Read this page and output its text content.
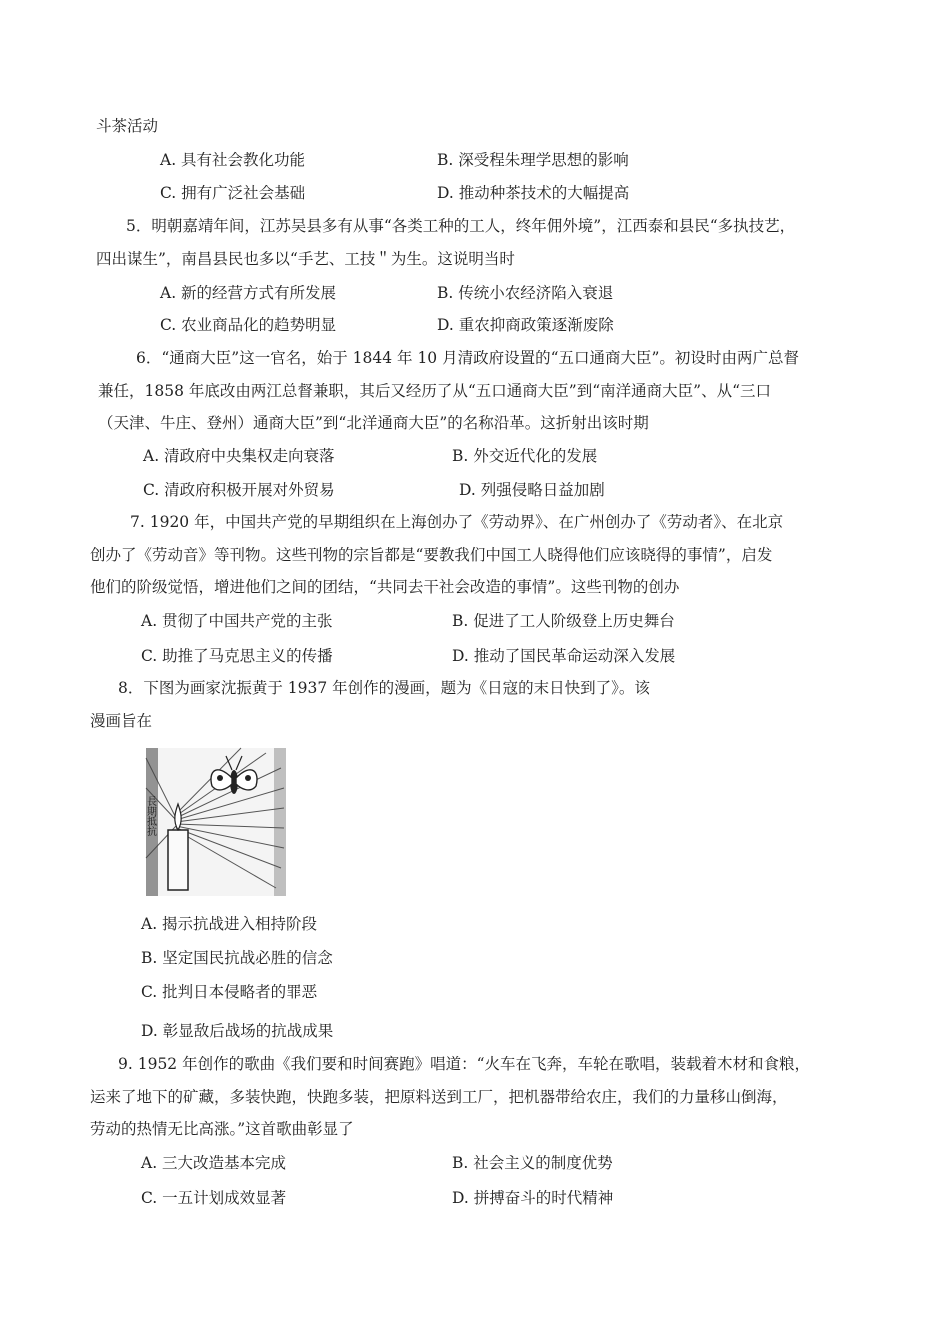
斗茶活动
A. 具有社会教化功能	B. 深受程朱理学思想的影响
C. 拥有广泛社会基础	D. 推动种茶技术的大幅提高
5．明朝嘉靖年间，江苏吴县多有从事“各类工种的工人，终年佣外境”，江西泰和县民“多执技艺，
四出谋生”，南昌县民也多以“手艺、工技＂为生。这说明当时
A. 新的经营方式有所发展	B. 传统小农经济陷入衰退
C. 农业商品化的趋势明显	D. 重农抑商政策逐渐废除
6．“通商大臣”这一官名，始于 1844 年 10 月清政府设置的“五口通商大臣”。初设时由两广总督
兼任，1858 年底改由两江总督兼职，其后又经历了从“五口通商大臣”到“南洋通商大臣”、从“三口
（天津、牛庄、登州）通商大臣”到“北洋通商大臣”的名称沿革。这折射出该时期
A. 清政府中央集权走向衰落	B. 外交近代化的发展
C. 清政府积极开展对外贸易	D. 列强侵略日益加剧
7. 1920 年，中国共产党的早期组织在上海创办了《劳动界》、在广州创办了《劳动者》、在北京
创办了《劳动音》等刊物。这些刊物的宗旨都是“要教我们中国工人晓得他们应该晓得的事情”，启发
他们的阶级觉悟，增进他们之间的团结，“共同去干社会改造的事情”。这些刊物的创办
A. 贯彻了中国共产党的主张	B. 促进了工人阶级登上历史舞台
C. 助推了马克思主义的传播	D. 推动了国民革命运动深入发展
8．下图为画家沈振黄于 1937 年创作的漫画，题为《日寇的末日快到了》。该
漫画旨在
長期抵抗
A. 揭示抗战进入相持阶段
B. 坚定国民抗战必胜的信念
C. 批判日本侵略者的罪恶
D. 彰显敌后战场的抗战成果
9. 1952 年创作的歌曲《我们要和时间赛跑》唱道：“火车在飞奔，车轮在歌唱，装载着木材和食粮，
运来了地下的矿藏，多装快跑，快跑多装，把原料送到工厂，把机器带给农庄，我们的力量移山倒海，
劳动的热情无比高涨。”这首歌曲彰显了
A. 三大改造基本完成	B. 社会主义的制度优势
C. 一五计划成效显著	D. 拼搏奋斗的时代精神
